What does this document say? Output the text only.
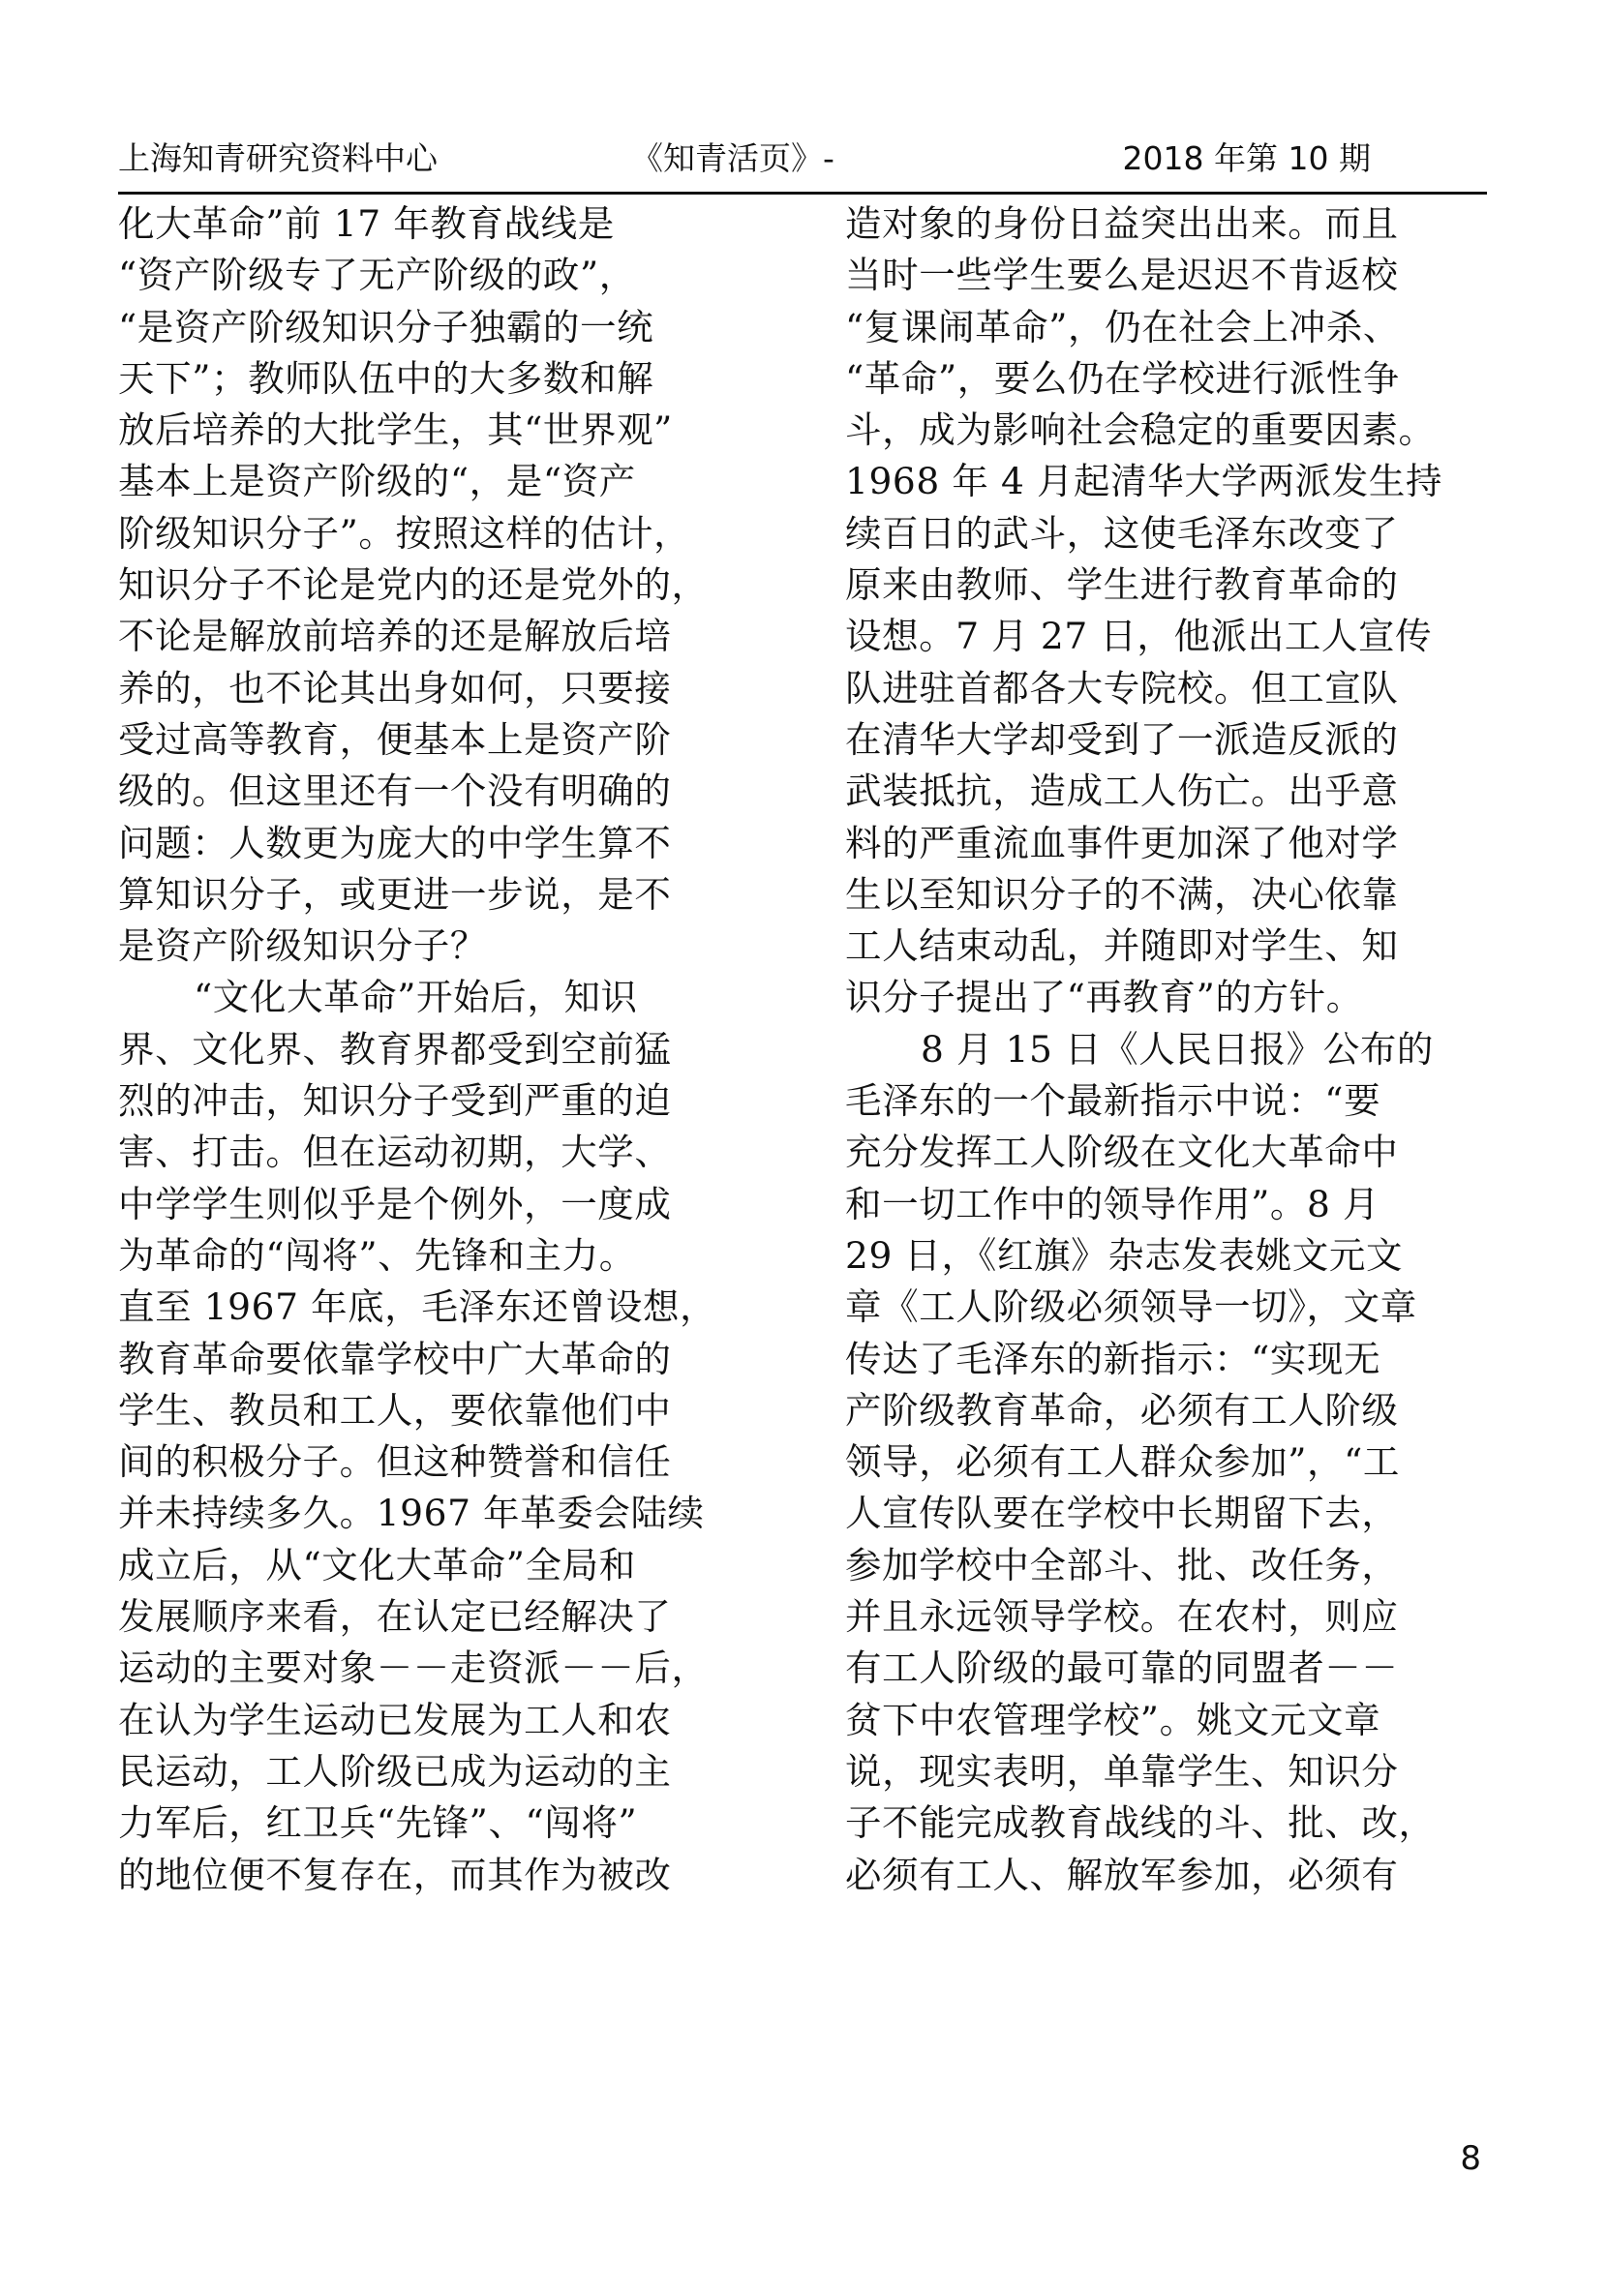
上海知青研究资料中心	《知青活页》-	2018 年第 10 期
化大革命”前 17 年教育战线是
“资产阶级专了无产阶级的政”，
“是资产阶级知识分子独霸的一统
天下”；教师队伍中的大多数和解
放后培养的大批学生，其“世界观”
基本上是资产阶级的“，是“资产
阶级知识分子”。按照这样的估计，
知识分子不论是党内的还是党外的，
不论是解放前培养的还是解放后培
养的，也不论其出身如何，只要接
受过高等教育，便基本上是资产阶
级的。但这里还有一个没有明确的
问题：人数更为庞大的中学生算不
算知识分子，或更进一步说，是不
是资产阶级知识分子？
“文化大革命”开始后，知识
界、文化界、教育界都受到空前猛
烈的冲击，知识分子受到严重的迫
害、打击。但在运动初期，大学、
中学学生则似乎是个例外，一度成
为革命的“闯将”、先锋和主力。
直至 1967 年底，毛泽东还曾设想，
教育革命要依靠学校中广大革命的
学生、教员和工人，要依靠他们中
间的积极分子。但这种赞誉和信任
并未持续多久。1967 年革委会陆续
成立后，从“文化大革命”全局和
发展顺序来看，在认定已经解决了
运动的主要对象－－走资派－－后，
在认为学生运动已发展为工人和农
民运动，工人阶级已成为运动的主
力军后，红卫兵“先锋”、“闯将”
的地位便不复存在，而其作为被改
造对象的身份日益突出出来。而且
当时一些学生要么是迟迟不肯返校
“复课闹革命”，仍在社会上冲杀、
“革命”，要么仍在学校进行派性争
斗，成为影响社会稳定的重要因素。
1968 年 4 月起清华大学两派发生持
续百日的武斗，这使毛泽东改变了
原来由教师、学生进行教育革命的
设想。7 月 27 日，他派出工人宣传
队进驻首都各大专院校。但工宣队
在清华大学却受到了一派造反派的
武装抵抗，造成工人伤亡。出乎意
料的严重流血事件更加深了他对学
生以至知识分子的不满，决心依靠
工人结束动乱，并随即对学生、知
识分子提出了“再教育”的方针。
8 月 15 日《人民日报》公布的
毛泽东的一个最新指示中说：“要
充分发挥工人阶级在文化大革命中
和一切工作中的领导作用”。8 月
29 日，《红旗》杂志发表姚文元文
章《工人阶级必须领导一切》，文章
传达了毛泽东的新指示：“实现无
产阶级教育革命，必须有工人阶级
领导，必须有工人群众参加”，“工
人宣传队要在学校中长期留下去，
参加学校中全部斗、批、改任务，
并且永远领导学校。在农村，则应
有工人阶级的最可靠的同盟者－－
贫下中农管理学校”。姚文元文章
说，现实表明，单靠学生、知识分
子不能完成教育战线的斗、批、改，
必须有工人、解放军参加，必须有
8
